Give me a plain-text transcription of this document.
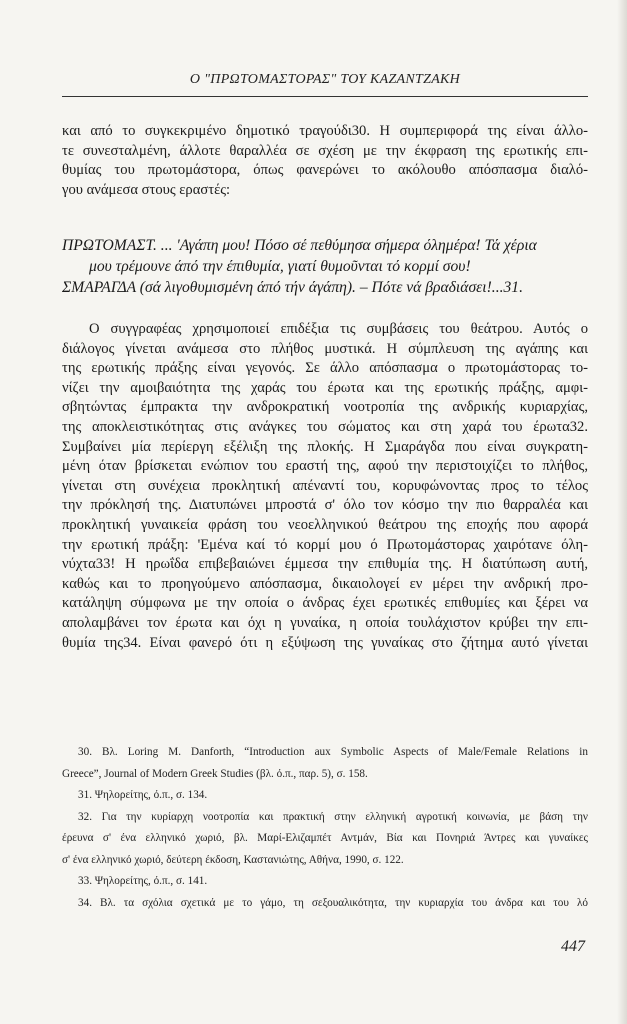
Ο "ΠΡΩΤΟΜΑΣΤΟΡΑΣ" ΤΟΥ ΚΑΖΑΝΤΖΑΚΗ
και από το συγκεκριμένο δημοτικό τραγούδι30. Η συμπεριφορά της είναι άλλο-
τε συνεσταλμένη, άλλοτε θαραλλέα σε σχέση με την έκφραση της ερωτικής επι-
θυμίας του πρωτομάστορα, όπως φανερώνει το ακόλουθο απόσπασμα διαλό-
γου ανάμεσα στους εραστές:
ΠΡΩΤΟΜΑΣΤ. ... 'Αγάπη μου! Πόσο σέ πεθύμησα σήμερα όλημέρα! Τά χέρια
μου τρέμουνε άπό την έπιθυμία, γιατί θυμοῦνται τό κορμί σου!
ΣΜΑΡΑΓΔΑ (σά λιγοθυμισμένη άπό τήν άγάπη). – Πότε νά βραδιάσει!...31.
Ο συγγραφέας χρησιμοποιεί επιδέξια τις συμβάσεις του θεάτρου. Αυτός ο
διάλογος γίνεται ανάμεσα στο πλήθος μυστικά. Η σύμπλευση της αγάπης και
της ερωτικής πράξης είναι γεγονός. Σε άλλο απόσπασμα ο πρωτομάστορας το-
νίζει την αμοιβαιότητα της χαράς του έρωτα και της ερωτικής πράξης, αμφι-
σβητώντας έμπρακτα την ανδροκρατική νοοτροπία της ανδρικής κυριαρχίας,
της αποκλειστικότητας στις ανάγκες του σώματος και στη χαρά του έρωτα32.
Συμβαίνει μία περίεργη εξέλιξη της πλοκής. Η Σμαράγδα που είναι συγκρατη-
μένη όταν βρίσκεται ενώπιον του εραστή της, αφού την περιστοιχίζει το πλήθος,
γίνεται στη συνέχεια προκλητική απέναντί του, κορυφώνοντας προς το τέλος
την πρόκλησή της. Διατυπώνει μπροστά σ' όλο τον κόσμο την πιο θαρραλέα και
προκλητική γυναικεία φράση του νεοελληνικού θεάτρου της εποχής που αφορά
την ερωτική πράξη: 'Εμένα καί τό κορμί μου ό Πρωτομάστορας χαιρότανε όλη-
νύχτα33! Η ηρωΐδα επιβεβαιώνει έμμεσα την επιθυμία της. Η διατύπωση αυτή,
καθώς και το προηγούμενο απόσπασμα, δικαιολογεί εν μέρει την ανδρική προ-
κατάληψη σύμφωνα με την οποία ο άνδρας έχει ερωτικές επιθυμίες και ξέρει να
απολαμβάνει τον έρωτα και όχι η γυναίκα, η οποία τουλάχιστον κρύβει την επι-
θυμία της34. Είναι φανερό ότι η εξύψωση της γυναίκας στο ζήτημα αυτό γίνεται
30. Βλ. Loring M. Danforth, “Introduction aux Symbolic Aspects of Male/Female Relations in
Greece”, Journal of Modern Greek Studies (βλ. ό.π., παρ. 5), σ. 158.
31. Ψηλορείτης, ό.π., σ. 134.
32. Για την κυρίαρχη νοοτροπία και πρακτική στην ελληνική αγροτική κοινωνία, με βάση την
έρευνα σ' ένα ελληνικό χωριό, βλ. Μαρί-Ελιζαμπέτ Αντμάν, Βία και Πονηριά Άντρες και γυναίκες
σ' ένα ελληνικό χωριό, δεύτερη έκδοση, Καστανιώτης, Αθήνα, 1990, σ. 122.
33. Ψηλορείτης, ό.π., σ. 141.
34. Βλ. τα σχόλια σχετικά με το γάμο, τη σεξουαλικότητα, την κυριαρχία του άνδρα και του λό
447
